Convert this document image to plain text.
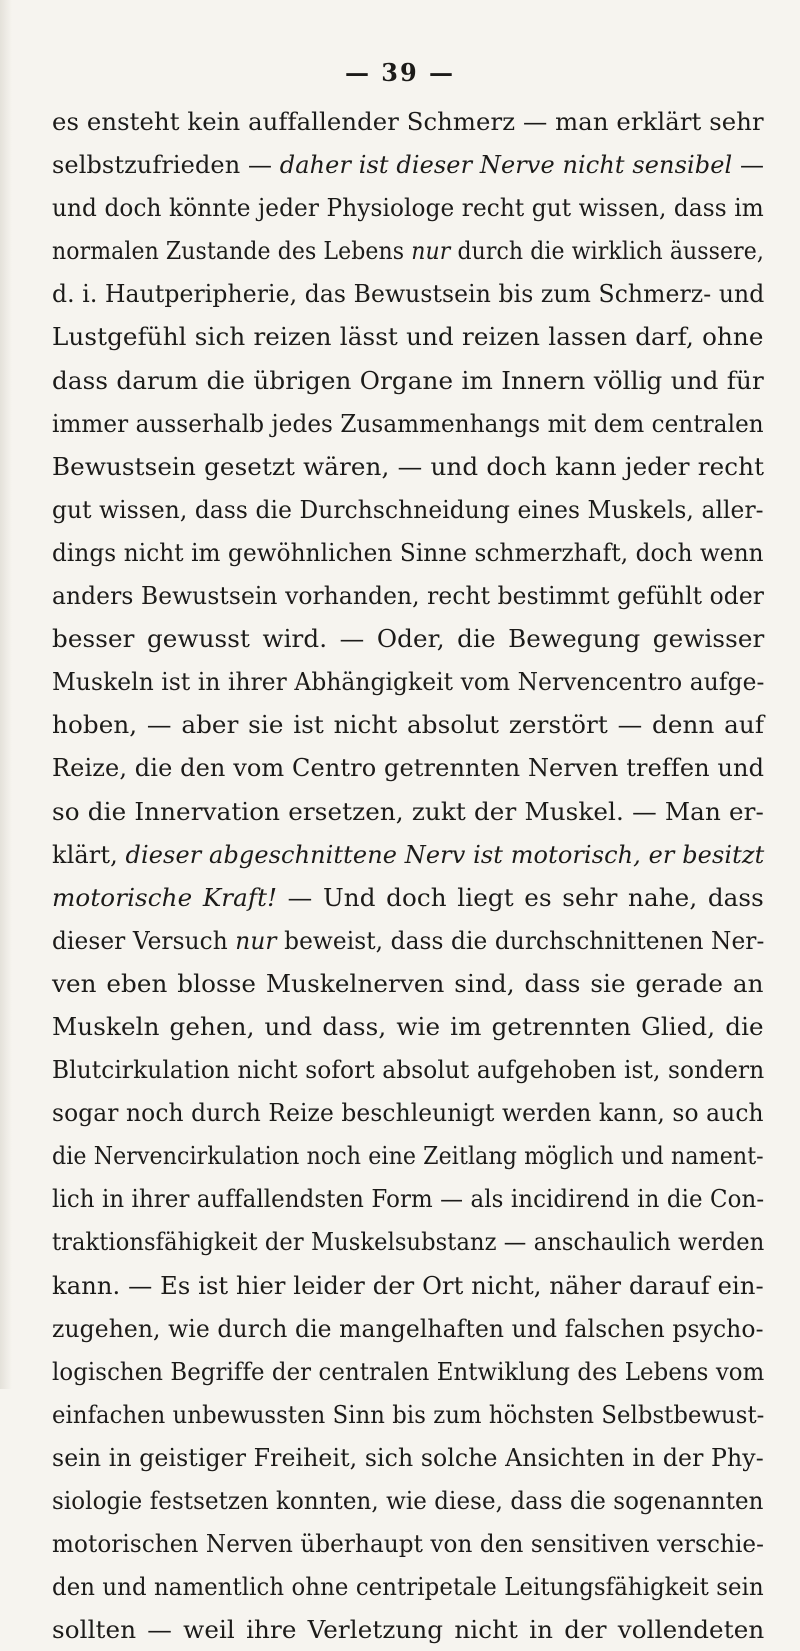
— 39 —
es ensteht kein auffallender Schmerz — man erklärt sehr
selbstzufrieden — daher ist dieser Nerve nicht sensibel —
und doch könnte jeder Physiologe recht gut wissen, dass im
normalen Zustande des Lebens nur durch die wirklich äussere,
d. i. Hautperipherie, das Bewustsein bis zum Schmerz- und
Lustgefühl sich reizen lässt und reizen lassen darf, ohne
dass darum die übrigen Organe im Innern völlig und für
immer ausserhalb jedes Zusammenhangs mit dem centralen
Bewustsein gesetzt wären, — und doch kann jeder recht
gut wissen, dass die Durchschneidung eines Muskels, aller-
dings nicht im gewöhnlichen Sinne schmerzhaft, doch wenn
anders Bewustsein vorhanden, recht bestimmt gefühlt oder
besser gewusst wird. — Oder, die Bewegung gewisser
Muskeln ist in ihrer Abhängigkeit vom Nervencentro aufge-
hoben, — aber sie ist nicht absolut zerstört — denn auf
Reize, die den vom Centro getrennten Nerven treffen und
so die Innervation ersetzen, zukt der Muskel. — Man er-
klärt, dieser abgeschnittene Nerv ist motorisch, er besitzt
motorische Kraft! — Und doch liegt es sehr nahe, dass
dieser Versuch nur beweist, dass die durchschnittenen Ner-
ven eben blosse Muskelnerven sind, dass sie gerade an
Muskeln gehen, und dass, wie im getrennten Glied, die
Blutcirkulation nicht sofort absolut aufgehoben ist, sondern
sogar noch durch Reize beschleunigt werden kann, so auch
die Nervencirkulation noch eine Zeitlang möglich und nament-
lich in ihrer auffallendsten Form — als incidirend in die Con-
traktionsfähigkeit der Muskelsubstanz — anschaulich werden
kann. — Es ist hier leider der Ort nicht, näher darauf ein-
zugehen, wie durch die mangelhaften und falschen psycho-
logischen Begriffe der centralen Entwiklung des Lebens vom
einfachen unbewussten Sinn bis zum höchsten Selbstbewust-
sein in geistiger Freiheit, sich solche Ansichten in der Phy-
siologie festsetzen konnten, wie diese, dass die sogenannten
motorischen Nerven überhaupt von den sensitiven verschie-
den und namentlich ohne centripetale Leitungsfähigkeit sein
sollten — weil ihre Verletzung nicht in der vollendeten
